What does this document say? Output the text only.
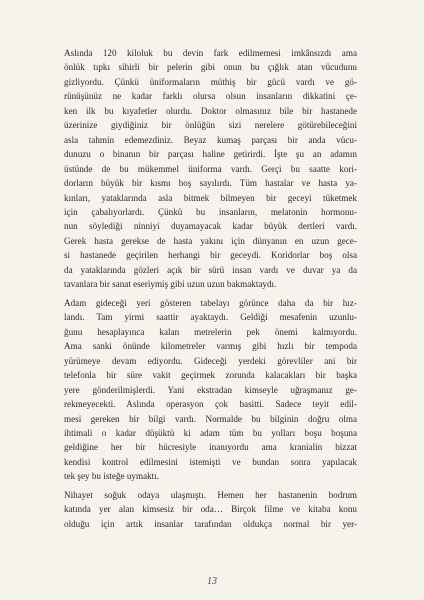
Aslında 120 kiloluk bu devin fark edilmemesi imkânsızdı ama
önlük tıpkı sihirli bir pelerin gibi onun bu çığlık atan vücudunu
gizliyordu. Çünkü üniformaların müthiş bir gücü vardı ve gö-
rünüşünüz ne kadar farklı olursa olsun insanların dikkatini çe-
ken ilk bu kıyafetler olurdu. Doktor olmasınız bile bir hastanede
üzerinize giydiğiniz bir önlüğün sizi nerelere götürebileceğini
asla tahmin edemezdiniz. Beyaz kumaş parçası bir anda vücu-
dunuzu o binanın bir parçası haline getirirdi. İşte şu an adamın
üstünde de bu mükemmel üniforma vardı. Gerçi bu saatte kori-
dorların büyük bir kısmı boş sayılırdı. Tüm hastalar ve hasta ya-
kınları, yataklarında asla bitmek bilmeyen bir geceyi tüketmek
için çabalıyorlardı. Çünkü bu insanların, melatonin hormonu-
nun söylediği ninniyi duyamayacak kadar büyük dertleri vardı.
Gerek hasta gerekse de hasta yakını için dünyanın en uzun gece-
si hastanede geçirilen herhangi bir geceydi. Koridorlar boş olsa
da yataklarında gözleri açık bir sürü insan vardı ve duvar ya da
tavanlara bir sanat eseriymiş gibi uzun uzun bakmaktaydı.

Adam gideceği yeri gösteren tabelayı görünce daha da bir hız-
landı. Tam yirmi saattir ayaktaydı. Geldiği mesafenin uzunlu-
ğunu hesaplayınca kalan metrelerin pek önemi kalmıyordu.
Ama sanki önünde kilometreler varmış gibi hızlı bir tempoda
yürümeye devam ediyordu. Gideceği yerdeki görevliler ani bir
telefonla bir süre vakit geçirmek zorunda kalacakları bir başka
yere gönderilmişlerdi. Yani ekstradan kimseyle uğraşmanız ge-
rekmeyecekti. Aslında operasyon çok basitti. Sadece teyit edil-
mesi gereken bir bilgi vardı. Normalde bu bilginin doğru olma
ihtimali o kadar düşüktü ki adam tüm bu yolları boşu boşuna
geldiğine her bir hücresiyle inanıyordu ama kranialin bizzat
kendisi kontrol edilmesini istemişti ve bundan sonra yapılacak
tek şey bu isteğe uymaktı.

Nihayet soğuk odaya ulaşmıştı. Hemen her hastanenin bodrum
katında yer alan kimsesiz bir oda… Birçok filme ve kitaba konu
olduğu için artık insanlar tarafından oldukça normal bir yer-

13
